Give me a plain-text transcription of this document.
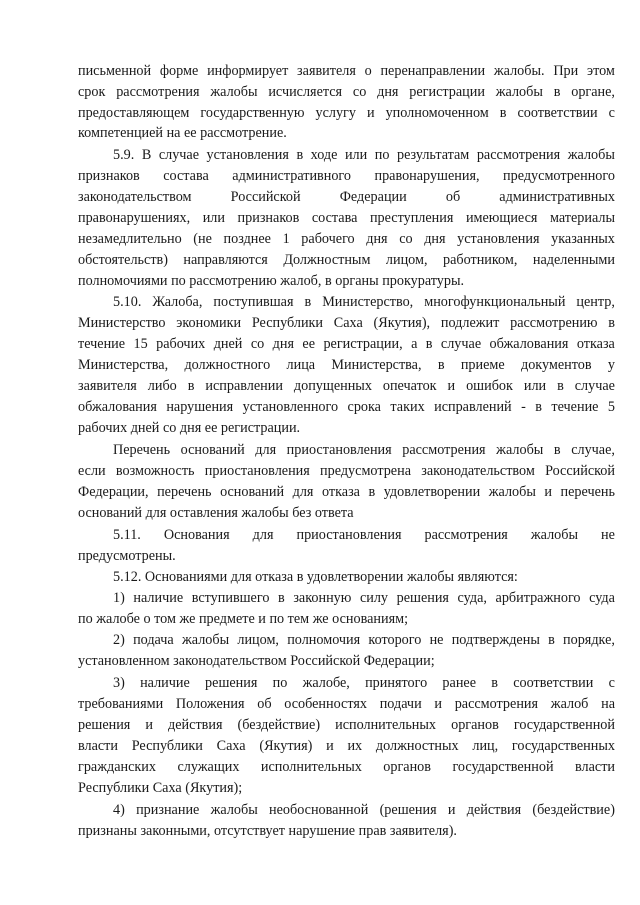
письменной форме информирует заявителя о перенаправлении жалобы. При этом
срок рассмотрения жалобы исчисляется со дня регистрации жалобы в органе,
предоставляющем государственную услугу и уполномоченном в соответствии с
компетенцией на ее рассмотрение.
5.9. В случае установления в ходе или по результатам рассмотрения жалобы
признаков состава административного правонарушения, предусмотренного
законодательством	Российской	Федерации	об	административных
правонарушениях, или признаков состава преступления имеющиеся материалы
незамедлительно (не позднее 1 рабочего дня со дня установления указанных
обстоятельств) направляются Должностным лицом, работником, наделенными
полномочиями по рассмотрению жалоб, в органы прокуратуры.
5.10. Жалоба, поступившая в Министерство, многофункциональный центр,
Министерство экономики Республики Саха (Якутия), подлежит рассмотрению в
течение 15 рабочих дней со дня ее регистрации, а в случае обжалования отказа
Министерства, должностного лица Министерства, в приеме документов у
заявителя либо в исправлении допущенных опечаток и ошибок или в случае
обжалования нарушения установленного срока таких исправлений - в течение 5
рабочих дней со дня ее регистрации.
Перечень оснований для приостановления рассмотрения жалобы в случае,
если возможность приостановления предусмотрена законодательством Российской
Федерации, перечень оснований для отказа в удовлетворении жалобы и перечень
оснований для оставления жалобы без ответа
5.11. Основания для приостановления рассмотрения жалобы не
предусмотрены.
5.12. Основаниями для отказа в удовлетворении жалобы являются:
1) наличие вступившего в законную силу решения суда, арбитражного суда
по жалобе о том же предмете и по тем же основаниям;
2) подача жалобы лицом, полномочия которого не подтверждены в порядке,
установленном законодательством Российской Федерации;
3) наличие решения по жалобе, принятого ранее в соответствии с
требованиями Положения об особенностях подачи и рассмотрения жалоб на
решения и действия (бездействие) исполнительных органов государственной
власти Республики Саха (Якутия) и их должностных лиц, государственных
гражданских служащих исполнительных органов государственной власти
Республики Саха (Якутия);
4) признание жалобы необоснованной (решения и действия (бездействие)
признаны законными, отсутствует нарушение прав заявителя).
